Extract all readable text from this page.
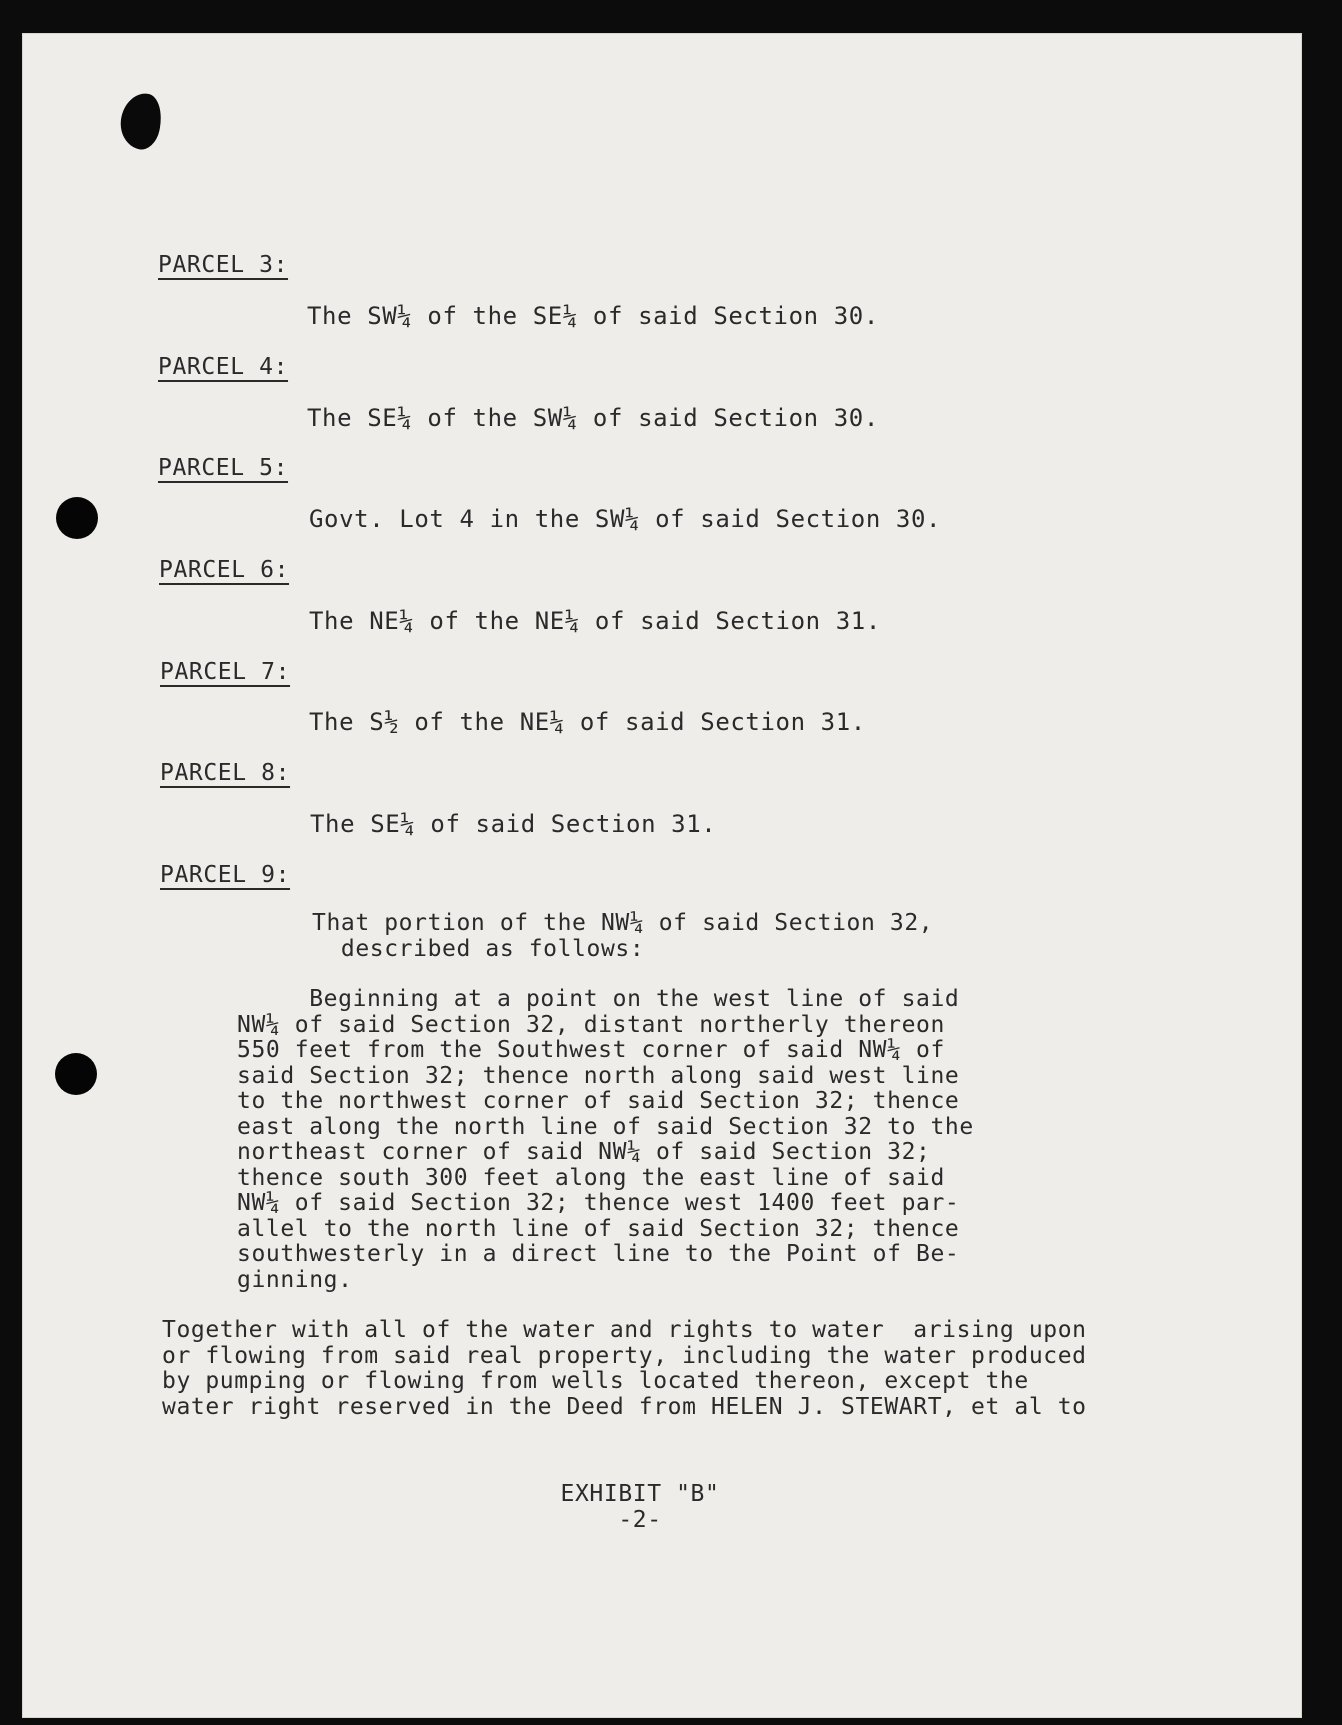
PARCEL 3:
The SW¼ of the SE¼ of said Section 30.
PARCEL 4:
The SE¼ of the SW¼ of said Section 30.
PARCEL 5:
Govt. Lot 4 in the SW¼ of said Section 30.
PARCEL 6:
The NE¼ of the NE¼ of said Section 31.
PARCEL 7:
The S½ of the NE¼ of said Section 31.
PARCEL 8:
The SE¼ of said Section 31.
PARCEL 9:
That portion of the NW¼ of said Section 32,
described as follows:
Beginning at a point on the west line of said
NW¼ of said Section 32, distant northerly thereon
550 feet from the Southwest corner of said NW¼ of
said Section 32; thence north along said west line
to the northwest corner of said Section 32; thence
east along the north line of said Section 32 to the
northeast corner of said NW¼ of said Section 32;
thence south 300 feet along the east line of said
NW¼ of said Section 32; thence west 1400 feet par-
allel to the north line of said Section 32; thence
southwesterly in a direct line to the Point of Be-
ginning.
Together with all of the water and rights to water  arising upon
or flowing from said real property, including the water produced
by pumping or flowing from wells located thereon, except the
water right reserved in the Deed from HELEN J. STEWART, et al to
EXHIBIT "B"
-2-
